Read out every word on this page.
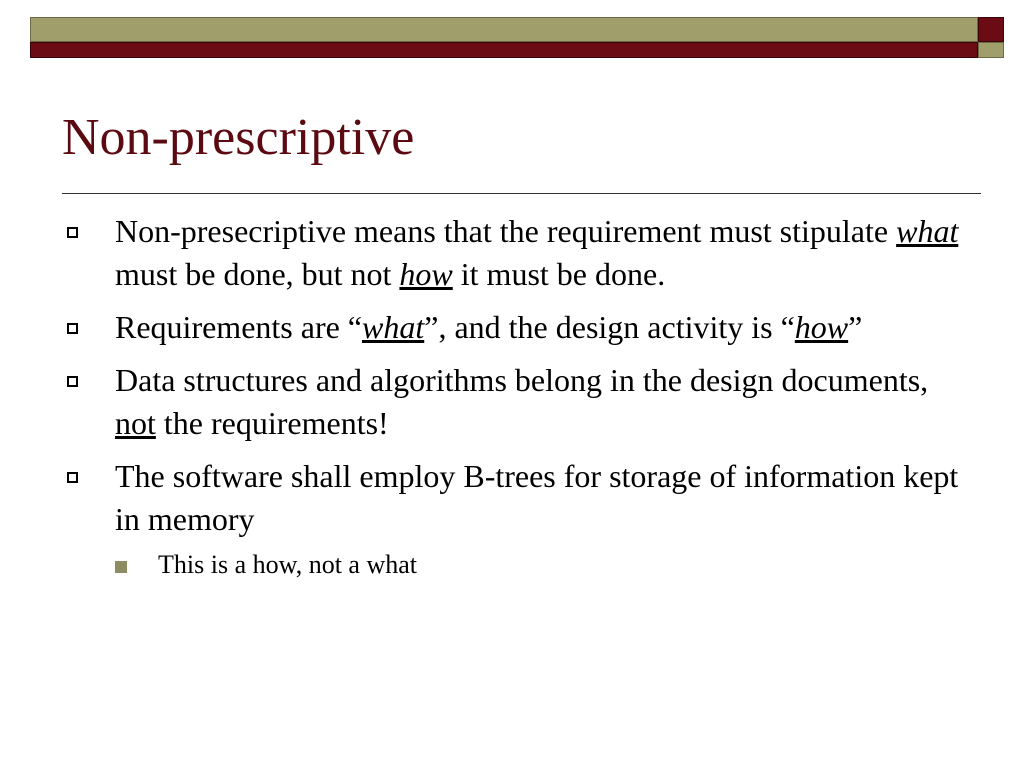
Non-prescriptive
Non-presecriptive means that the requirement must stipulate what must be done, but not how it must be done.
Requirements are “what”, and the design activity is “how”
Data structures and algorithms belong in the design documents, not the requirements!
The software shall employ B-trees for storage of information kept in memory
This is a how, not a what
